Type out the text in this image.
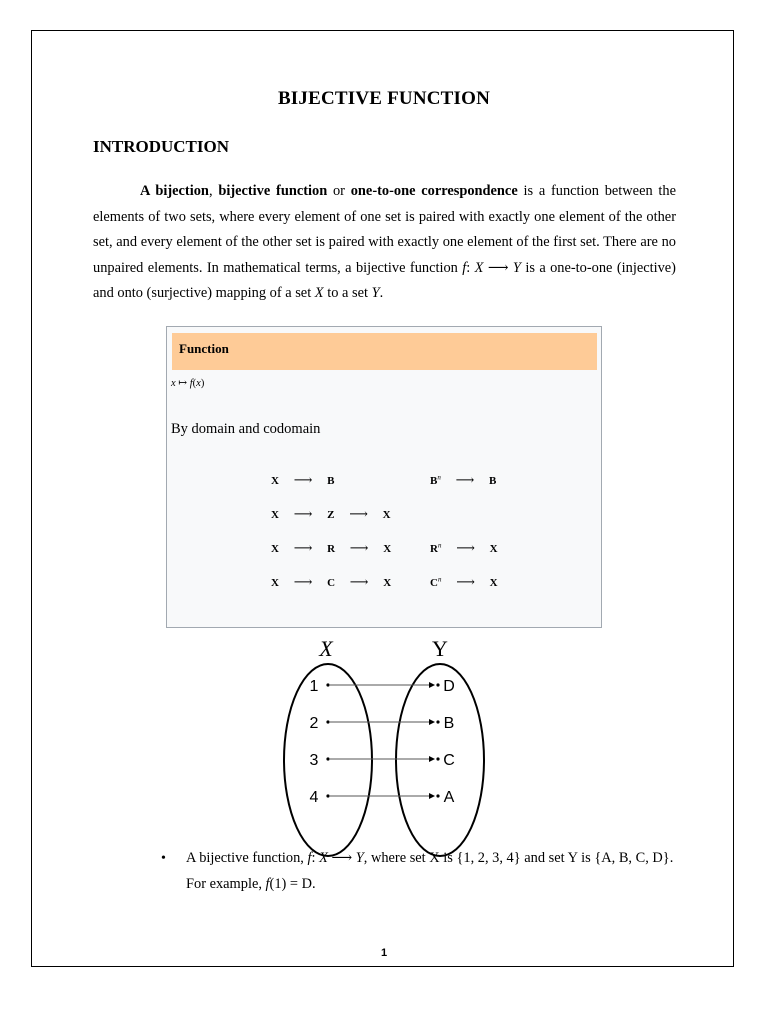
BIJECTIVE FUNCTION
INTRODUCTION
A bijection, bijective function or one-to-one correspondence is a function between the elements of two sets, where every element of one set is paired with exactly one element of the other set, and every element of the other set is paired with exactly one element of the first set. There are no unpaired elements. In mathematical terms, a bijective function f: X ⟶ Y is a one-to-one (injective) and onto (surjective) mapping of a set X to a set Y.
Function
x ↦ f(x)
By domain and codomain
X ⟶ B	$B^n$ ⟶ B
X ⟶ Z ⟶ X
X ⟶ R ⟶ X	$R^n$ ⟶ X
X ⟶ C ⟶ X	$C^n$ ⟶ X
X	Y
1	D
2	B
3	C
4	A
• A bijective function, f: X ⟶ Y, where set X is {1, 2, 3, 4} and set Y is {A, B, C, D}. For example, f(1) = D.
1
